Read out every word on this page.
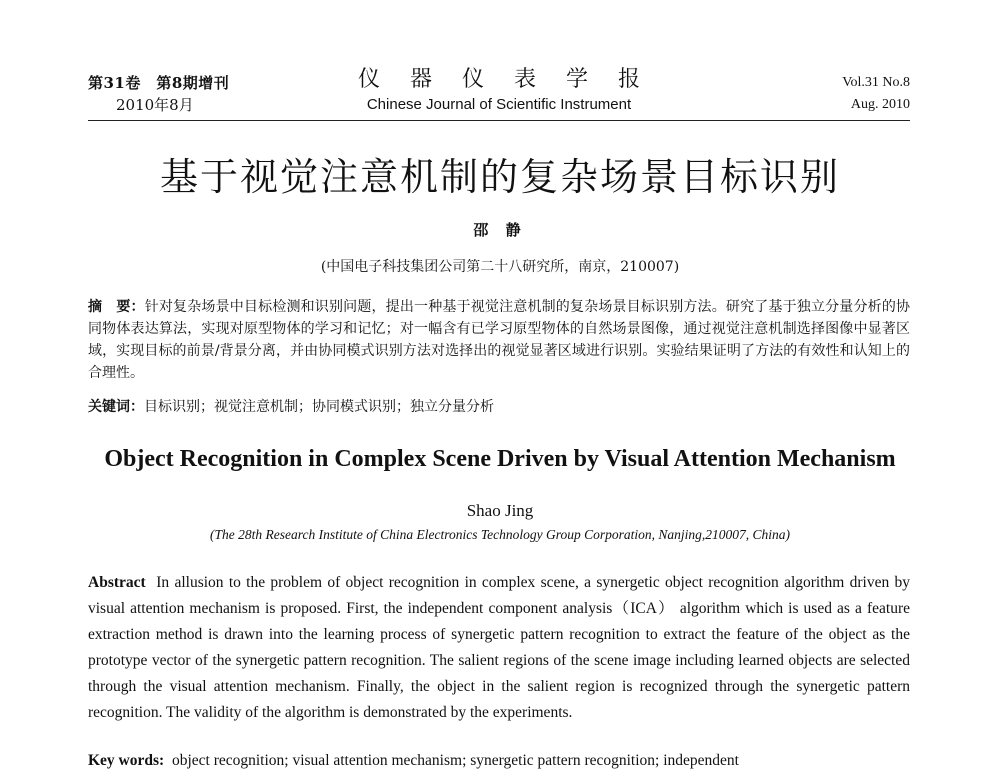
第31卷　第8期增刊
2010年8月
仪器仪表学报
Chinese Journal of Scientific Instrument
Vol.31 No.8
Aug. 2010
基于视觉注意机制的复杂场景目标识别
邵 静
(中国电子科技集团公司第二十八研究所，南京，210007)
摘　要：针对复杂场景中目标检测和识别问题，提出一种基于视觉注意机制的复杂场景目标识别方法。研究了基于独立分量分析的协同物体表达算法，实现对原型物体的学习和记忆；对一幅含有已学习原型物体的自然场景图像，通过视觉注意机制选择图像中显著区域，实现目标的前景/背景分离，并由协同模式识别方法对选择出的视觉显著区域进行识别。实验结果证明了方法的有效性和认知上的合理性。
关键词：目标识别；视觉注意机制；协同模式识别；独立分量分析
Object Recognition in Complex Scene Driven by Visual Attention Mechanism
Shao Jing
(The 28th Research Institute of China Electronics Technology Group Corporation, Nanjing,210007, China)
Abstract In allusion to the problem of object recognition in complex scene, a synergetic object recognition algorithm driven by visual attention mechanism is proposed. First, the independent component analysis（ICA） algorithm which is used as a feature extraction method is drawn into the learning process of synergetic pattern recognition to extract the feature of the object as the prototype vector of the synergetic pattern recognition. The salient regions of the scene image including learned objects are selected through the visual attention mechanism. Finally, the object in the salient region is recognized through the synergetic pattern recognition. The validity of the algorithm is demonstrated by the experiments.
Key words: object recognition; visual attention mechanism; synergetic pattern recognition; independent
